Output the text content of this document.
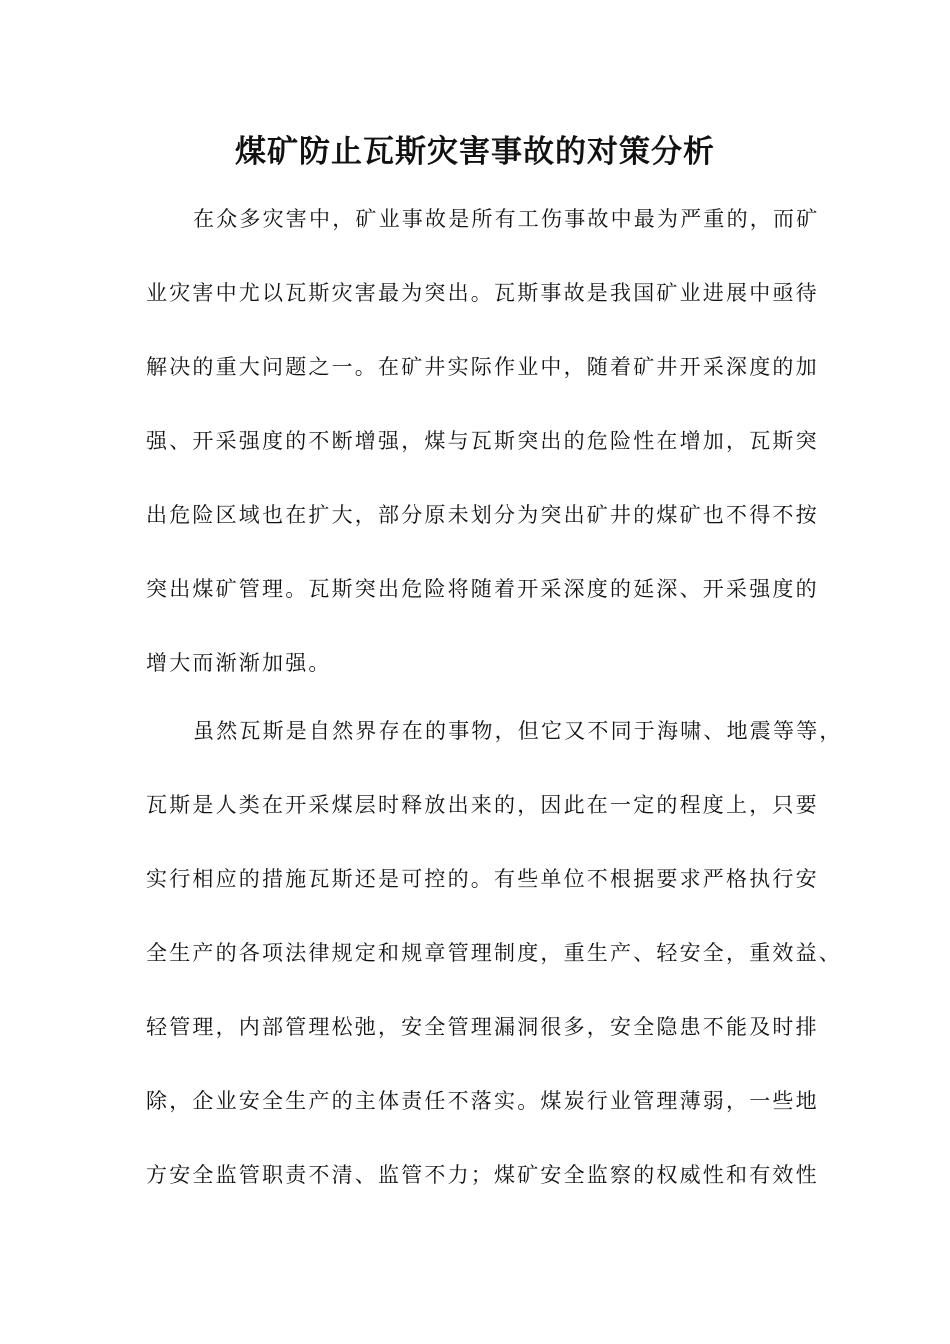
煤矿防止瓦斯灾害事故的对策分析

在众多灾害中，矿业事故是所有工伤事故中最为严重的，而矿

业灾害中尤以瓦斯灾害最为突出。瓦斯事故是我国矿业进展中亟待

解决的重大问题之一。在矿井实际作业中，随着矿井开采深度的加

强、开采强度的不断增强，煤与瓦斯突出的危险性在增加，瓦斯突

出危险区域也在扩大，部分原未划分为突出矿井的煤矿也不得不按

突出煤矿管理。瓦斯突出危险将随着开采深度的延深、开采强度的

增大而渐渐加强。

虽然瓦斯是自然界存在的事物，但它又不同于海啸、地震等等，

瓦斯是人类在开采煤层时释放出来的，因此在一定的程度上，只要

实行相应的措施瓦斯还是可控的。有些单位不根据要求严格执行安

全生产的各项法律规定和规章管理制度，重生产、轻安全，重效益、

轻管理，内部管理松弛，安全管理漏洞很多，安全隐患不能及时排

除，企业安全生产的主体责任不落实。煤炭行业管理薄弱，一些地

方安全监管职责不清、监管不力；煤矿安全监察的权威性和有效性
